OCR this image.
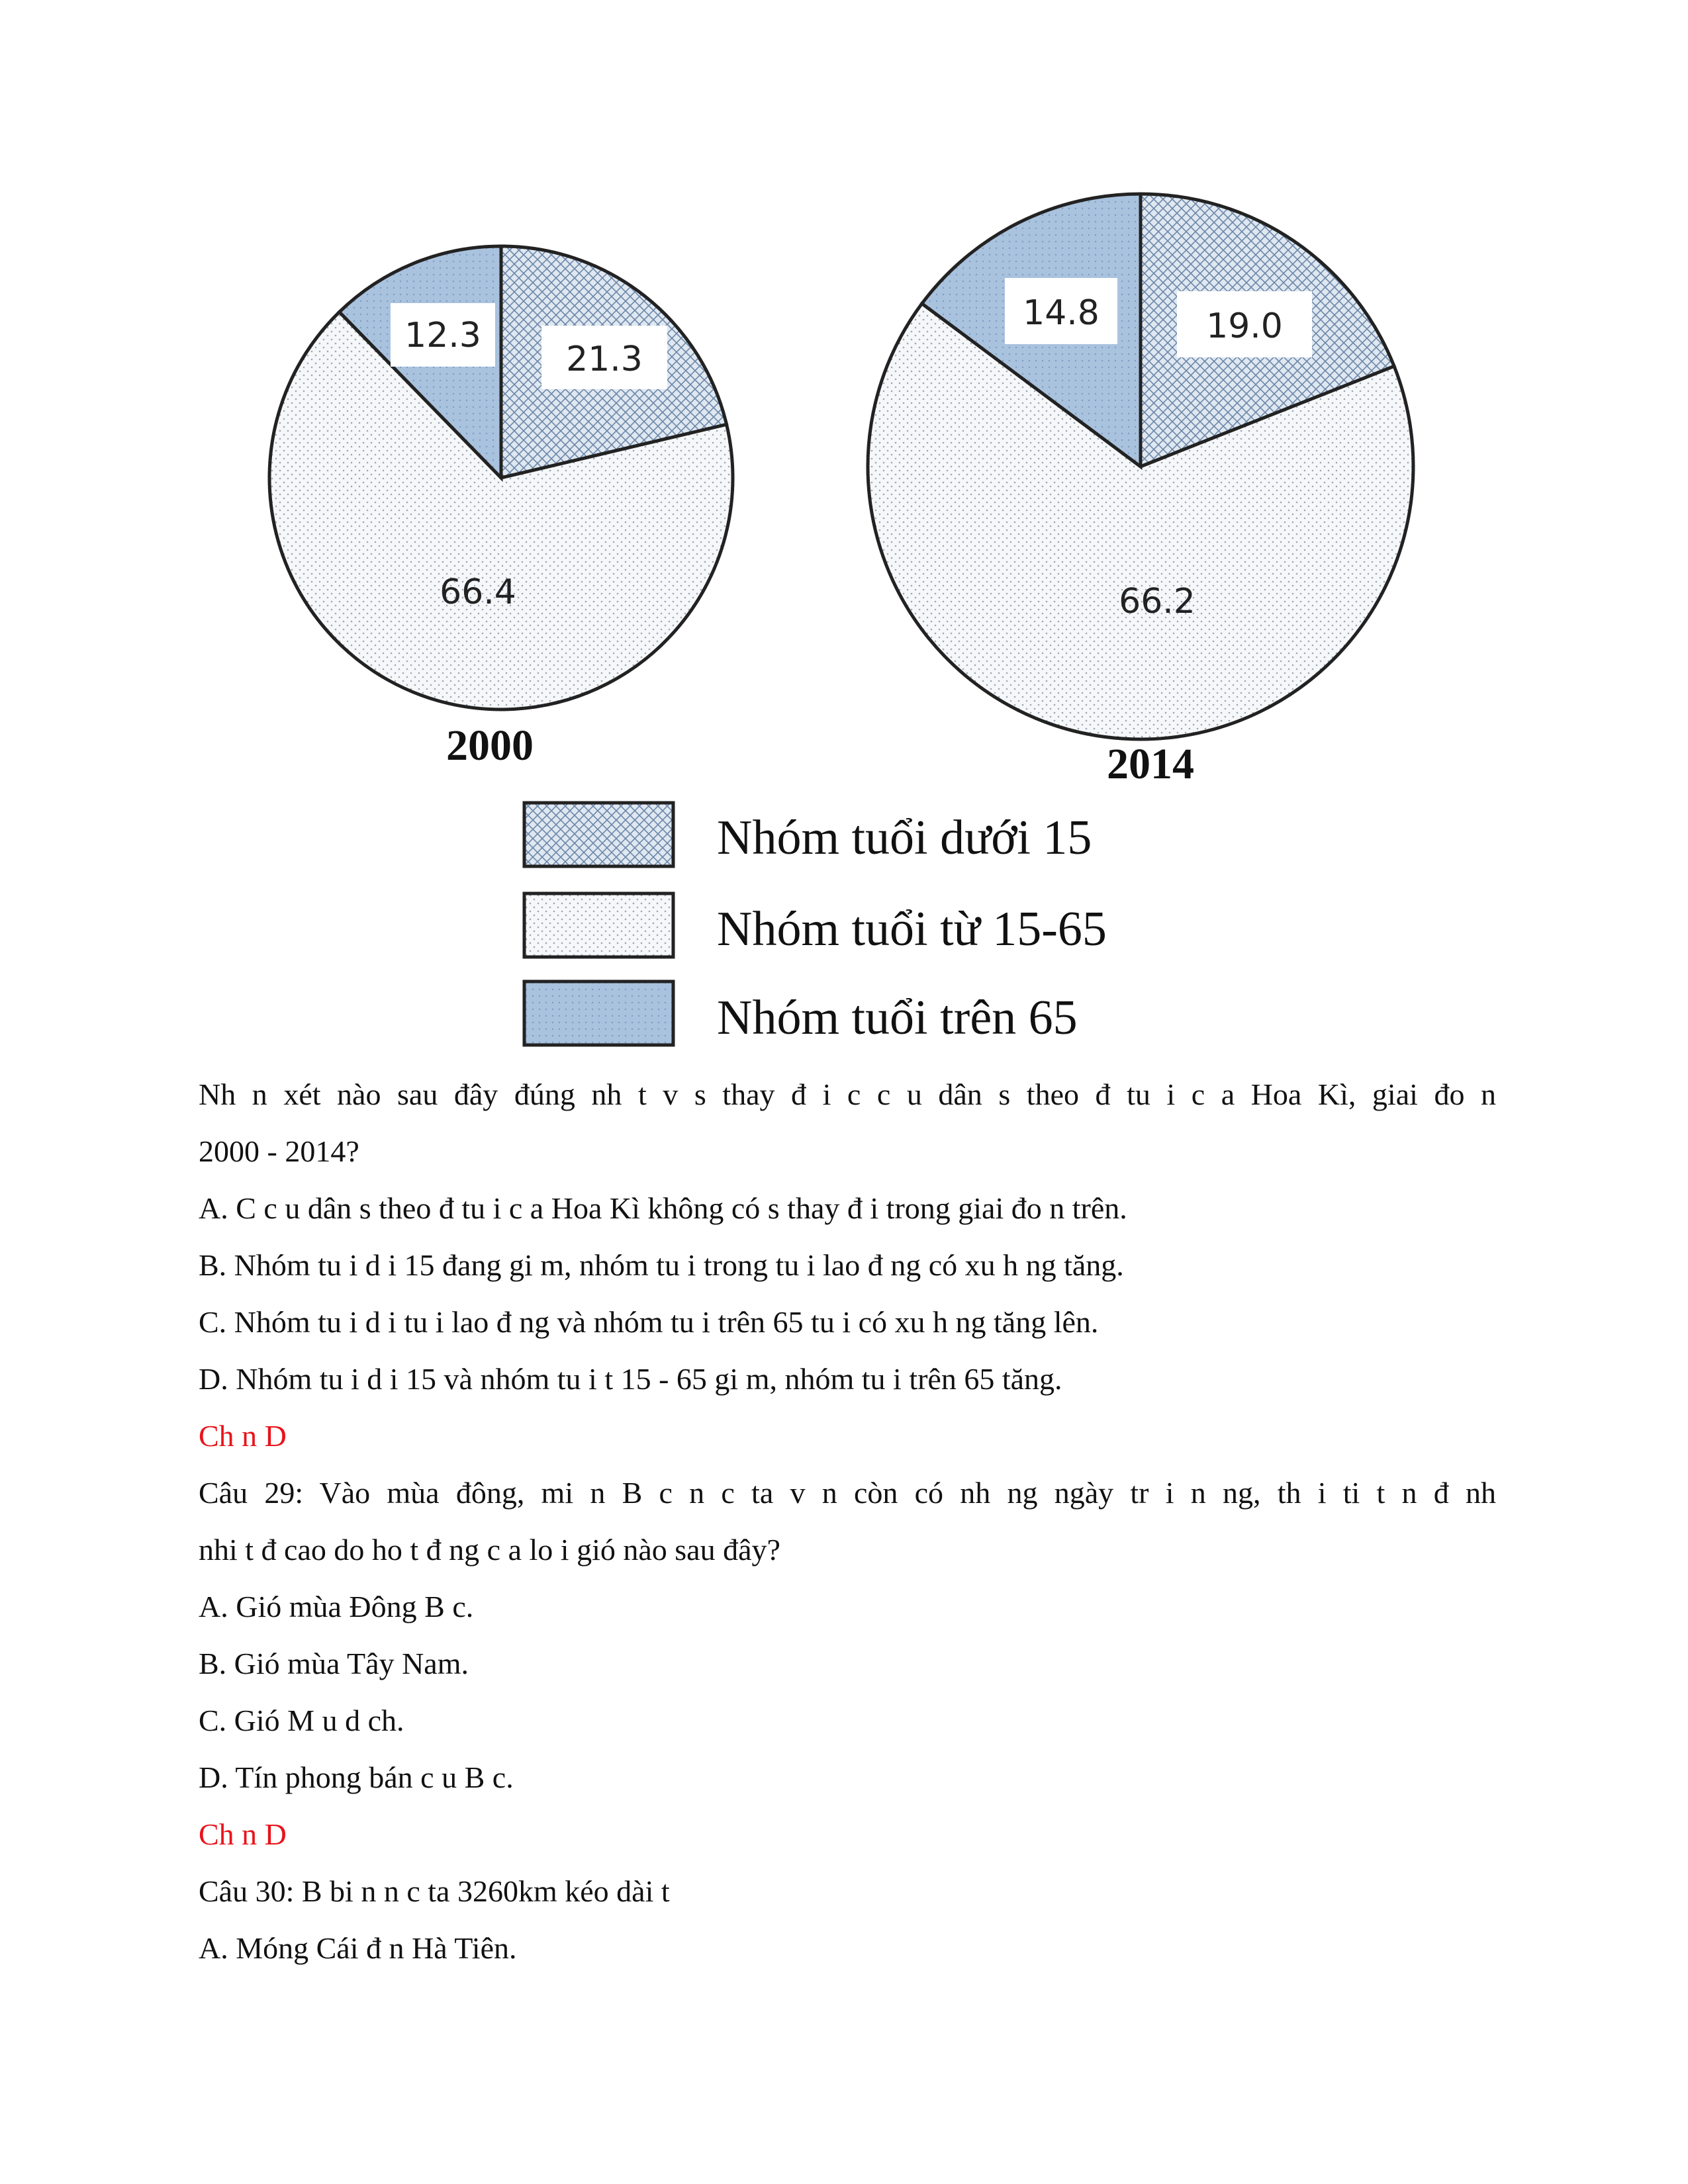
21.3
66.4
12.3
2000
19.0
66.2
14.8
2014
Nhóm tuổi dưới 15
Nhóm tuổi từ 15-65
Nhóm tuổi trên 65
Nh n xét nào sau đây đúng nh t v s thay đ i c c u dân s theo đ tu i c a Hoa Kì, giai đo n
2000 - 2014?
A. C c u dân s theo đ tu i c a Hoa Kì không có s thay đ i trong giai đo n trên.
B. Nhóm tu i d i 15 đang gi m, nhóm tu i trong tu i lao đ ng có xu h ng tăng.
C. Nhóm tu i d i tu i lao đ ng và nhóm tu i trên 65 tu i có xu h ng tăng lên.
D. Nhóm tu i d i 15 và nhóm tu i t 15 - 65 gi m, nhóm tu i trên 65 tăng.
Ch n D
Câu 29: Vào mùa đông, mi n B c n c ta v n còn có nh ng ngày tr i n ng, th i ti t n đ nh
nhi t đ cao do ho t đ ng c a lo i gió nào sau đây?
A. Gió mùa Đông B c.
B. Gió mùa Tây Nam.
C. Gió M u d ch.
D. Tín phong bán c u B c.
Ch n D
Câu 30: B bi n n c ta 3260km kéo dài t
A. Móng Cái đ n Hà Tiên.
